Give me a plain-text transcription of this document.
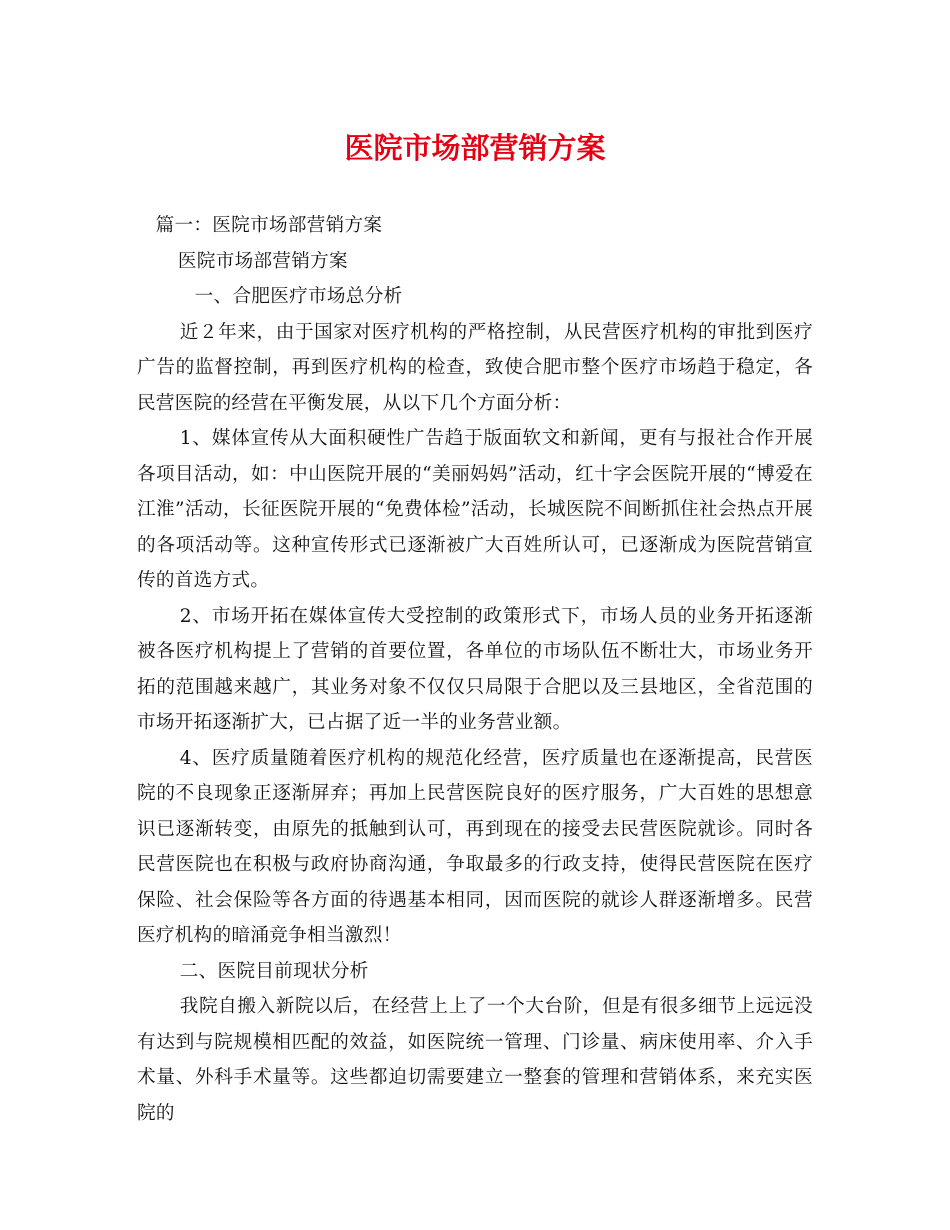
医院市场部营销方案

篇一：医院市场部营销方案

医院市场部营销方案

一、合肥医疗市场总分析

近２年来，由于国家对医疗机构的严格控制，从民营医疗机构的审批到医疗广告的监督控制，再到医疗机构的检查，致使合肥市整个医疗市场趋于稳定，各民营医院的经营在平衡发展，从以下几个方面分析：

1、媒体宣传从大面积硬性广告趋于版面软文和新闻，更有与报社合作开展各项目活动，如：中山医院开展的“美丽妈妈”活动，红十字会医院开展的“博爱在江淮”活动，长征医院开展的“免费体检”活动，长城医院不间断抓住社会热点开展的各项活动等。这种宣传形式已逐渐被广大百姓所认可，已逐渐成为医院营销宣传的首选方式。

2、市场开拓在媒体宣传大受控制的政策形式下，市场人员的业务开拓逐渐被各医疗机构提上了营销的首要位置，各单位的市场队伍不断壮大，市场业务开拓的范围越来越广，其业务对象不仅仅只局限于合肥以及三县地区，全省范围的市场开拓逐渐扩大，已占据了近一半的业务营业额。

4、医疗质量随着医疗机构的规范化经营，医疗质量也在逐渐提高，民营医院的不良现象正逐渐屏弃；再加上民营医院良好的医疗服务，广大百姓的思想意识已逐渐转变，由原先的抵触到认可，再到现在的接受去民营医院就诊。同时各民营医院也在积极与政府协商沟通，争取最多的行政支持，使得民营医院在医疗保险、社会保险等各方面的待遇基本相同，因而医院的就诊人群逐渐增多。民营医疗机构的暗涌竞争相当激烈！

二、医院目前现状分析

我院自搬入新院以后，在经营上上了一个大台阶，但是有很多细节上远远没有达到与院规模相匹配的效益，如医院统一管理、门诊量、病床使用率、介入手术量、外科手术量等。这些都迫切需要建立一整套的管理和营销体系，来充实医院的
